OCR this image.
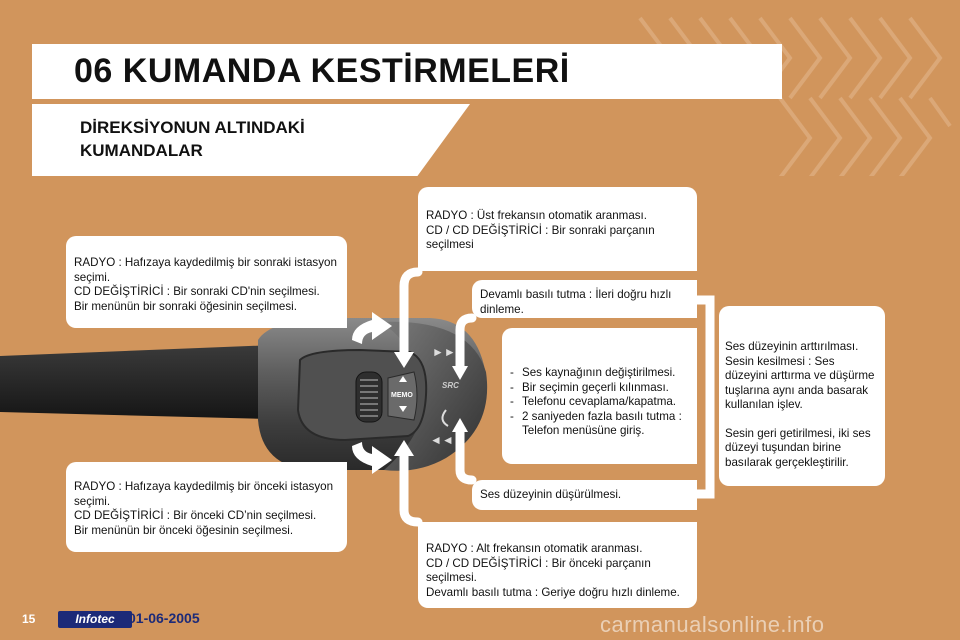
06 KUMANDA KESTİRMELERİ
DİREKSİYONUN ALTINDAKİ
KUMANDALAR
MEMO
►►
◄◄
SRC

RADYO : Hafızaya kaydedilmiş bir sonraki istasyon seçimi.

CD DEĞİŞTİRİCİ : Bir sonraki CD'nin seçilmesi.

Bir menünün bir sonraki öğesinin seçilmesi.

RADYO : Hafızaya kaydedilmiş bir önceki istasyon seçimi.

CD DEĞİŞTİRİCİ : Bir önceki CD’nin seçilmesi.

Bir menünün bir önceki öğesinin seçilmesi.

RADYO : Üst frekansın otomatik aranması.

CD / CD DEĞİŞTİRİCİ : Bir sonraki parçanın seçilmesi

Devamlı basılı tutma : İleri doğru hızlı dinleme.

- Ses kaynağının değiştirilmesi.
- Bir seçimin geçerli kılınması.
- Telefonu cevaplama/kapatma.
- 2 saniyeden fazla basılı tutma : Telefon menüsüne giriş.

Ses düzeyinin düşürülmesi.

RADYO : Alt frekansın otomatik aranması.

CD / CD DEĞİŞTİRİCİ : Bir önceki parçanın seçilmesi.

Devamlı basılı tutma : Geriye doğru hızlı dinleme.

Ses düzeyinin arttırılması. Sesin kesilmesi : Ses düzeyini arttırma ve düşürme tuşlarına aynı anda basarak kullanılan işlev.

Sesin geri getirilmesi, iki ses düzeyi tuşundan birine basılarak gerçekleştirilir.

15	Infotec 01-06-2005	carmanualsonline.info
